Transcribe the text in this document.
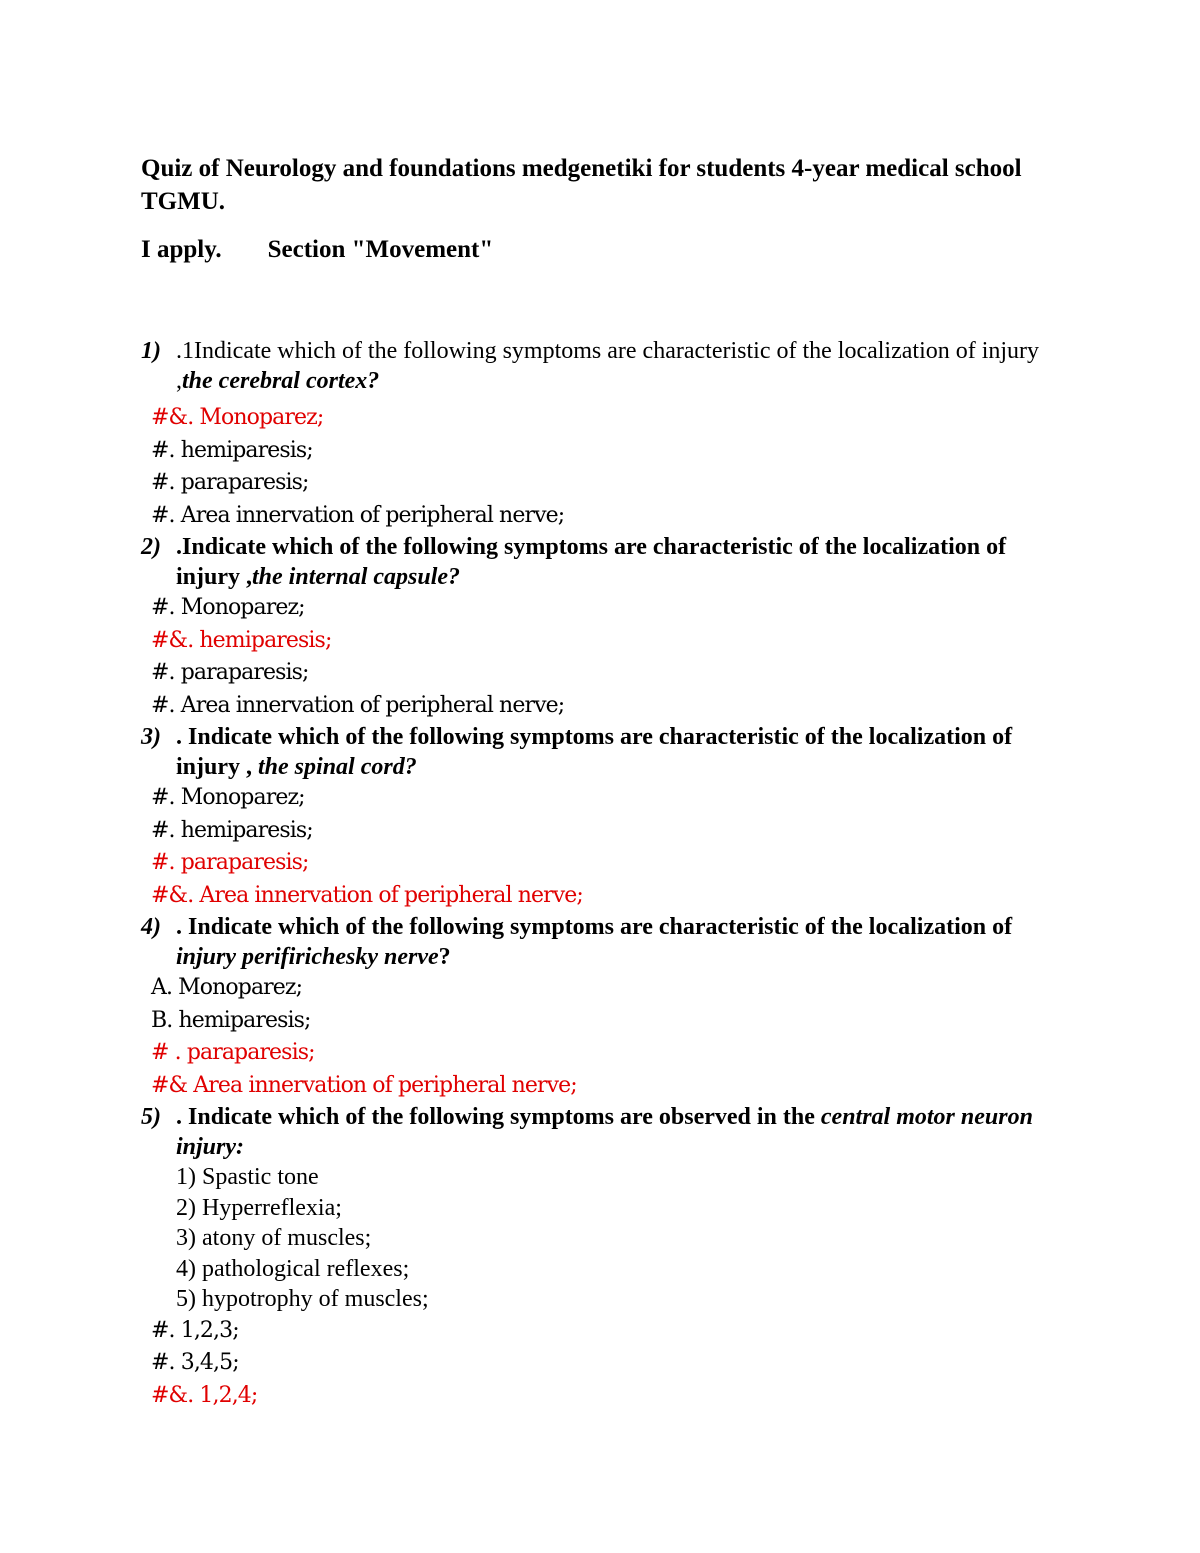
Quiz of Neurology and foundations medgenetiki for students 4-year medical school TGMU.
I apply. Section "Movement"
1) .1Indicate which of the following symptoms are characteristic of the localization of injury ,the cerebral cortex?
#&. Monoparez;
#. hemiparesis;
#. paraparesis;
#. Area innervation of peripheral nerve;
2) .Indicate which of the following symptoms are characteristic of the localization of injury ,the internal capsule?
#. Monoparez;
#&. hemiparesis;
#. paraparesis;
#. Area innervation of peripheral nerve;
3) . Indicate which of the following symptoms are characteristic of the localization of injury , the spinal cord?
#. Monoparez;
#. hemiparesis;
#. paraparesis;
#&. Area innervation of peripheral nerve;
4) . Indicate which of the following symptoms are characteristic of the localization of injury perifirichesky nerve?
A. Monoparez;
B. hemiparesis;
# . paraparesis;
#& Area innervation of peripheral nerve;
5) . Indicate which of the following symptoms are observed in the central motor neuron injury:
1) Spastic tone
2) Hyperreflexia;
3) atony of muscles;
4) pathological reflexes;
5) hypotrophy of muscles;
#. 1,2,3;
#. 3,4,5;
#&. 1,2,4;
